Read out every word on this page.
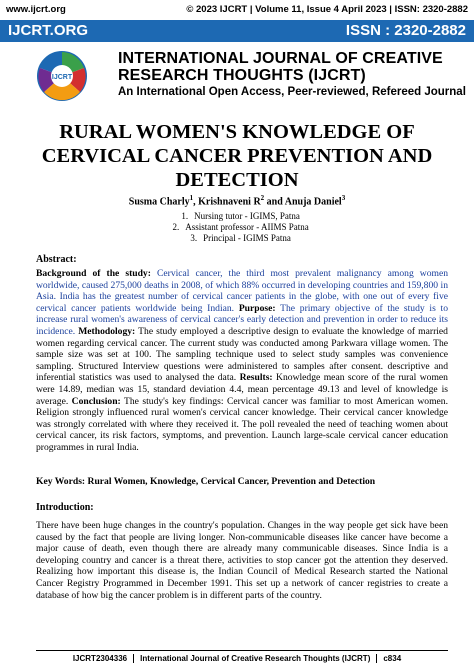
www.ijcrt.org	© 2023 IJCRT | Volume 11, Issue 4 April 2023 | ISSN: 2320-2882
IJCRT.ORG	ISSN : 2320-2882
IJCRT
INTERNATIONAL JOURNAL OF CREATIVE
RESEARCH THOUGHTS (IJCRT)
An International Open Access, Peer-reviewed, Refereed Journal
RURAL WOMEN'S KNOWLEDGE OF
CERVICAL CANCER PREVENTION AND
DETECTION
Susma Charly$^1$, Krishnaveni $R^2$ and Anuja Daniel$^3$
1. Nursing tutor - IGIMS, Patna
2. Assistant professor - AIIMS Patna
3. Principal - IGIMS Patna
Abstract:
Background of the study: Cervical cancer, the third most prevalent malignancy among women worldwide, caused 275,000 deaths in 2008, of which 88% occurred in developing countries and 159,800 in Asia. India has the greatest number of cervical cancer patients in the globe, with one out of every five cervical cancer patients worldwide being Indian. Purpose: The primary objective of the study is to increase rural women's awareness of cervical cancer's early detection and prevention in order to reduce its incidence. Methodology: The study employed a descriptive design to evaluate the knowledge of married women regarding cervical cancer. The current study was conducted among Parkwara village women. The sample size was set at 100. The sampling technique used to select study samples was convenience sampling. Structured Interview questions were administered to samples after consent. descriptive and inferential statistics was used to analysed the data. Results: Knowledge mean score of the rural women were 14.89, median was 15, standard deviation 4.4, mean percentage 49.13 and level of knowledge is average. Conclusion: The study's key findings: Cervical cancer was familiar to most American women. Religion strongly influenced rural women's cervical cancer knowledge. Their cervical cancer knowledge was strongly correlated with where they received it. The poll revealed the need of teaching women about cervical cancer, its risk factors, symptoms, and prevention. Launch large-scale cervical cancer education programmes in rural India.
Key Words: Rural Women, Knowledge, Cervical Cancer, Prevention and Detection
Introduction:
There have been huge changes in the country's population. Changes in the way people get sick have been caused by the fact that people are living longer. Non-communicable diseases like cancer have become a major cause of death, even though there are already many communicable diseases. Since India is a developing country and cancer is a threat there, activities to stop cancer got the attention they deserved. Realizing how important this disease is, the Indian Council of Medical Research started the National Cancer Registry Programmed in December 1991. This set up a network of cancer registries to create a database of how big the cancer problem is in different parts of the country.
IJCRT2304336 International Journal of Creative Research Thoughts (IJCRT) c834
